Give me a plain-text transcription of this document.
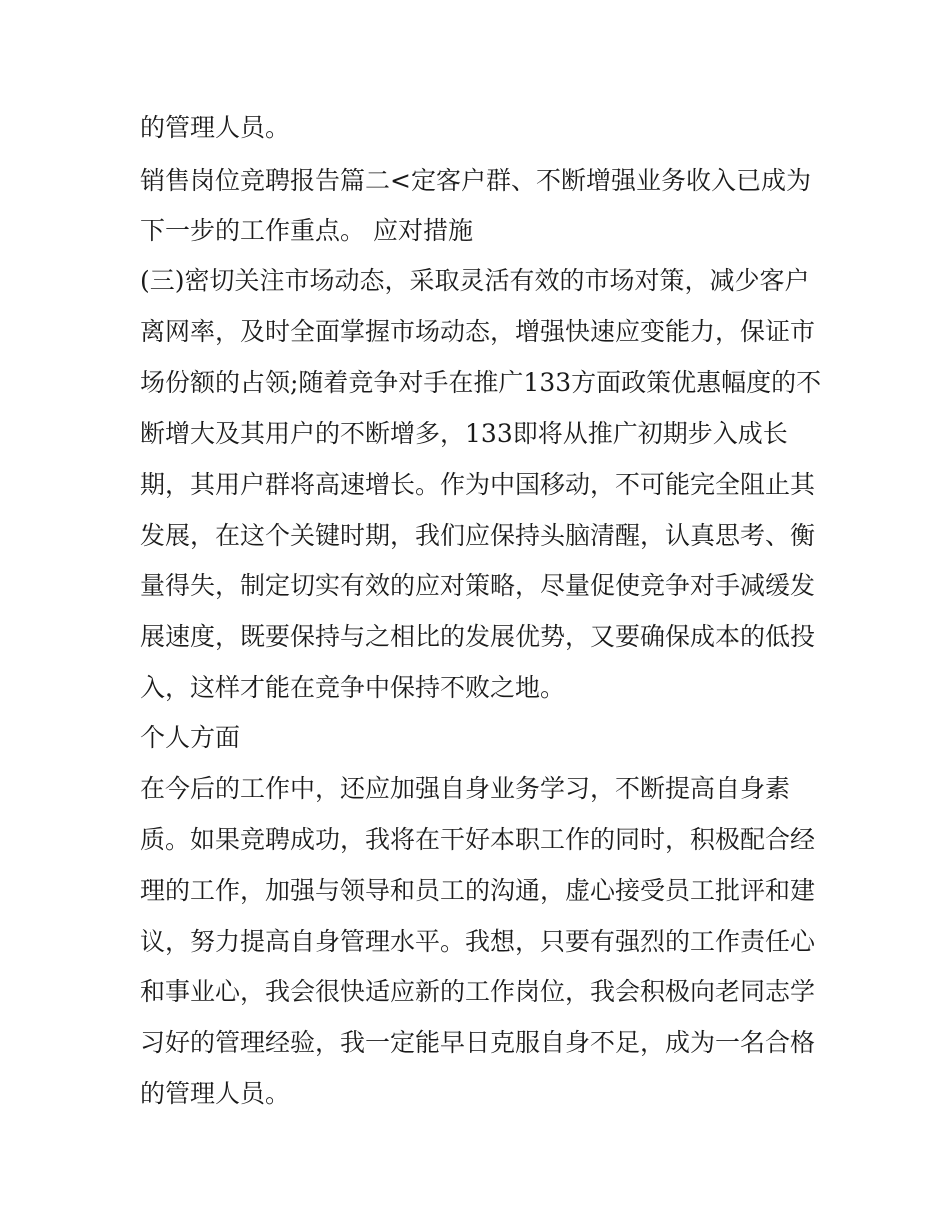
的管理人员。
销售岗位竞聘报告篇二<定客户群、不断增强业务收入已成为
下一步的工作重点。 应对措施
(三)密切关注市场动态，采取灵活有效的市场对策，减少客户
离网率，及时全面掌握市场动态，增强快速应变能力，保证市
场份额的占领;随着竞争对手在推广133方面政策优惠幅度的不
断增大及其用户的不断增多，133即将从推广初期步入成长
期，其用户群将高速增长。作为中国移动，不可能完全阻止其
发展，在这个关键时期，我们应保持头脑清醒，认真思考、衡
量得失，制定切实有效的应对策略，尽量促使竞争对手减缓发
展速度，既要保持与之相比的发展优势，又要确保成本的低投
入，这样才能在竞争中保持不败之地。
个人方面
在今后的工作中，还应加强自身业务学习，不断提高自身素
质。如果竞聘成功，我将在干好本职工作的同时，积极配合经
理的工作，加强与领导和员工的沟通，虚心接受员工批评和建
议，努力提高自身管理水平。我想，只要有强烈的工作责任心
和事业心，我会很快适应新的工作岗位，我会积极向老同志学
习好的管理经验，我一定能早日克服自身不足，成为一名合格
的管理人员。
